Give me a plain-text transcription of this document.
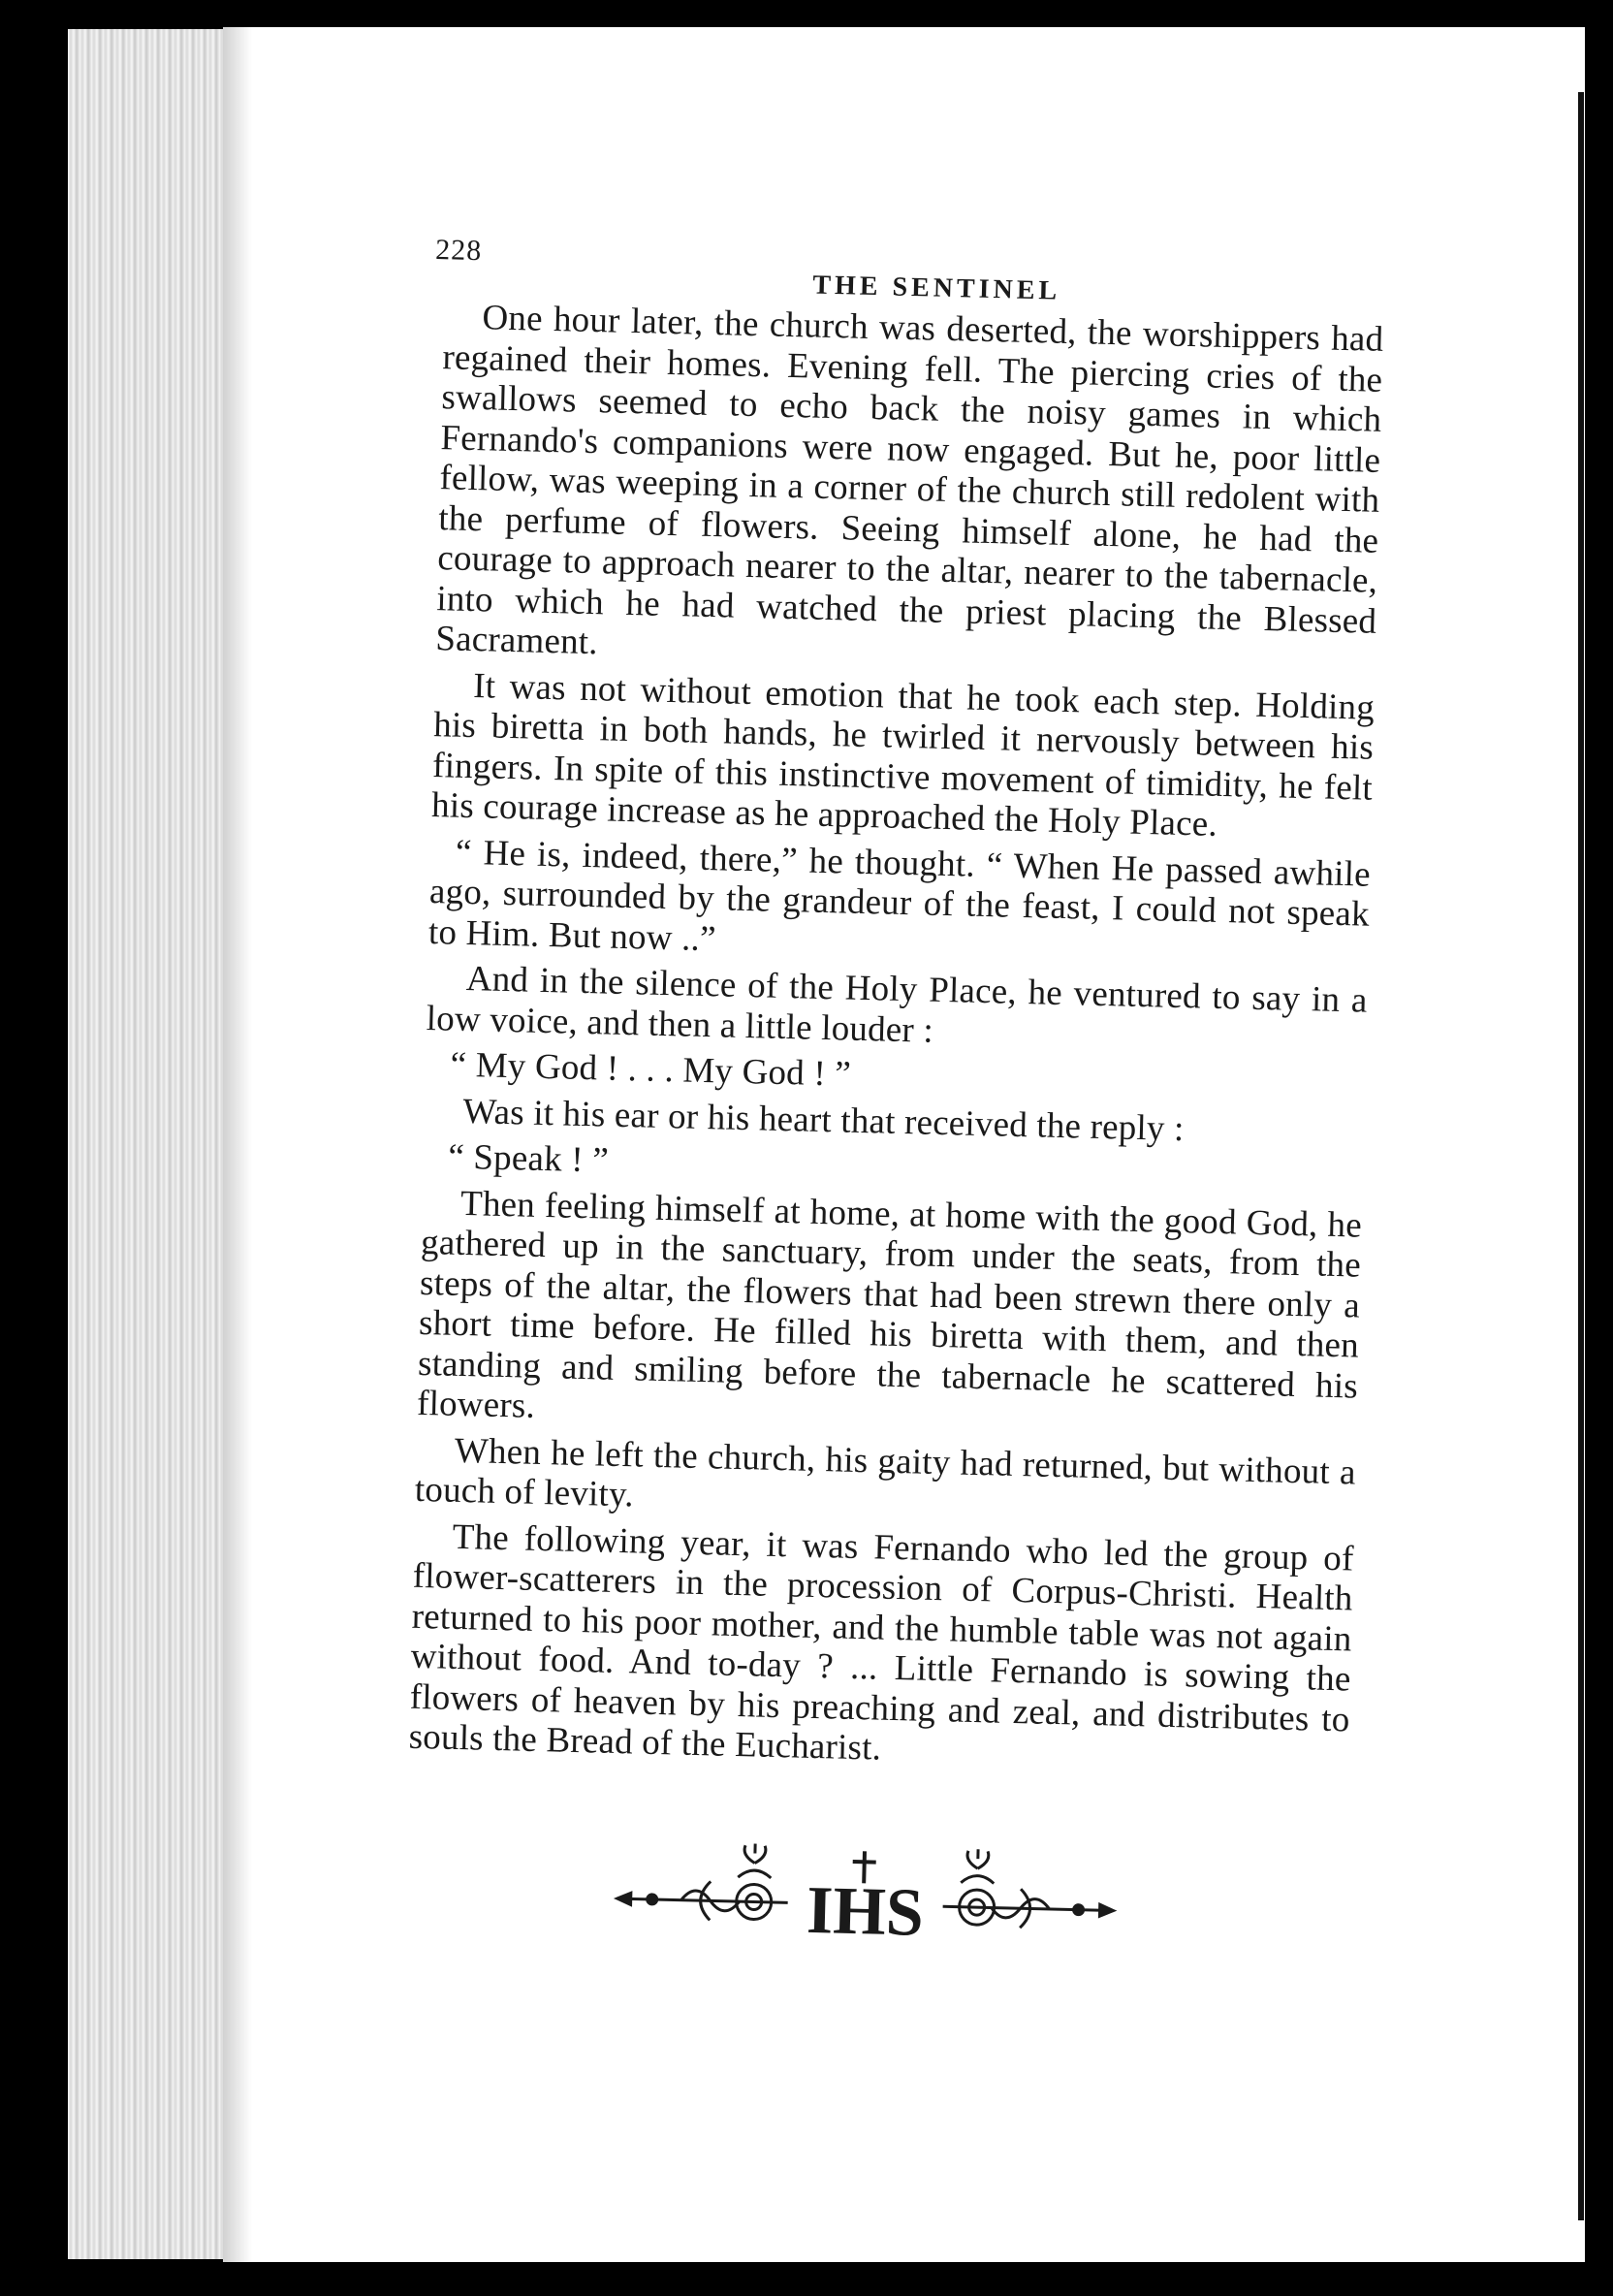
228
THE SENTINEL

One hour later, the church was deserted, the worshippers had regained their homes. Evening fell. The piercing cries of the swallows seemed to echo back the noisy games in which Fernando's companions were now engaged. But he, poor little fellow, was weeping in a corner of the church still redolent with the perfume of flowers. Seeing himself alone, he had the courage to approach nearer to the altar, nearer to the tabernacle, into which he had watched the priest placing the Blessed Sacrament.

It was not without emotion that he took each step. Holding his biretta in both hands, he twirled it nervously between his fingers. In spite of this instinctive movement of timidity, he felt his courage increase as he approached the Holy Place.

“ He is, indeed, there,” he thought. “ When He passed awhile ago, surrounded by the grandeur of the feast, I could not speak to Him. But now ..”

And in the silence of the Holy Place, he ventured to say in a low voice, and then a little louder :

“ My God ! . . . My God ! ”

Was it his ear or his heart that received the reply :

“ Speak ! ”

Then feeling himself at home, at home with the good God, he gathered up in the sanctuary, from under the seats, from the steps of the altar, the flowers that had been strewn there only a short time before. He filled his biretta with them, and then standing and smiling before the tabernacle he scattered his flowers.

When he left the church, his gaity had returned, but without a touch of levity.

The following year, it was Fernando who led the group of flower-scatterers in the procession of Corpus-Christi. Health returned to his poor mother, and the humble table was not again without food. And to-day ? ... Little Fernando is sowing the flowers of heaven by his preaching and zeal, and distributes to souls the Bread of the Eucharist.

IHS
